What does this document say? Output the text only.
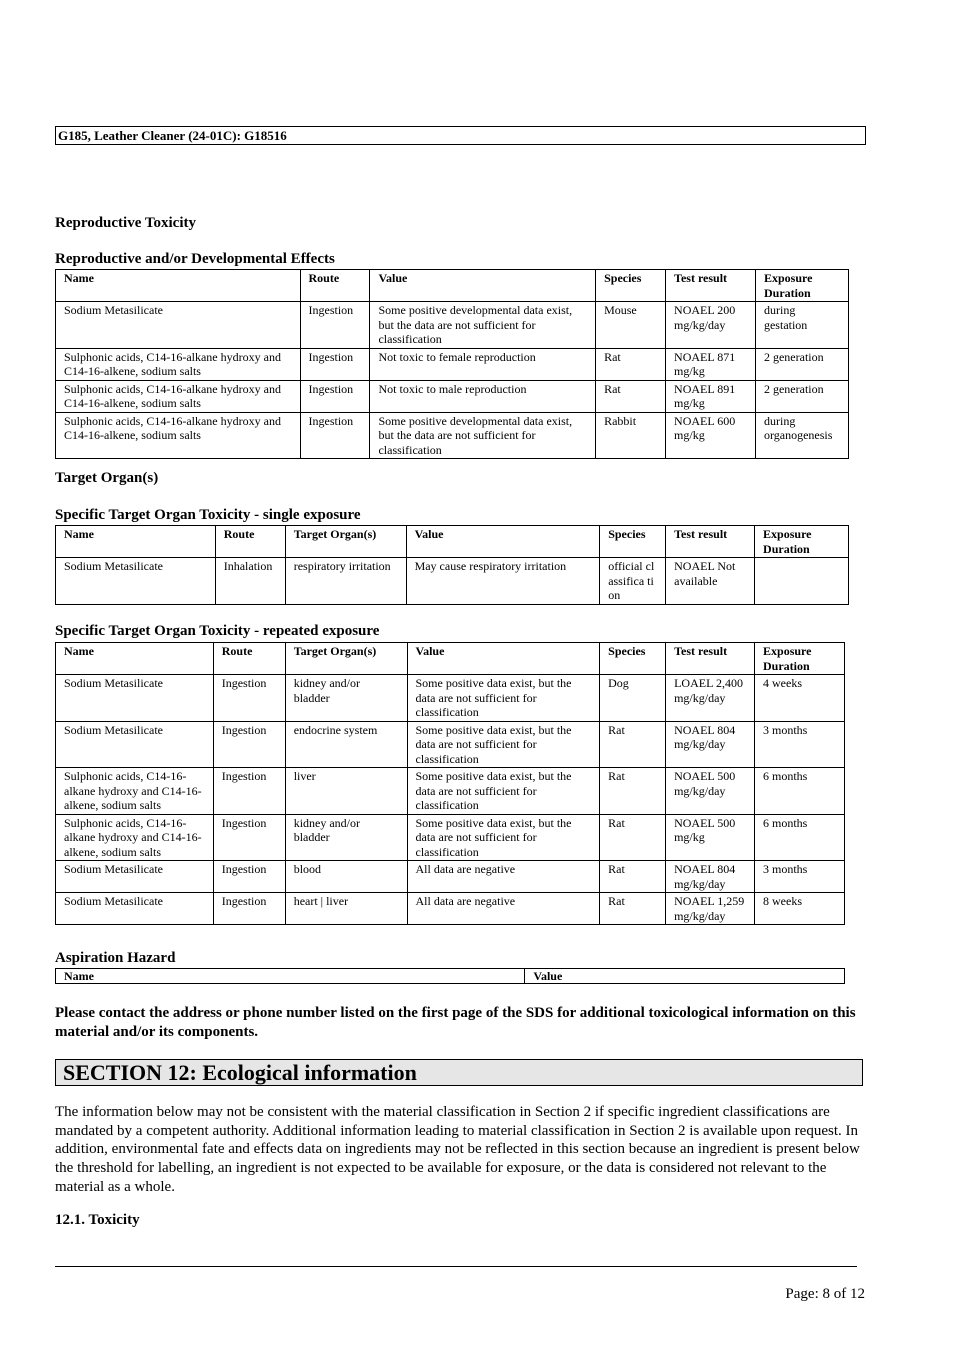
G185, Leather Cleaner (24-01C): G18516
Reproductive Toxicity
Reproductive and/or Developmental Effects
Name	Route	Value	Species	Test result	Exposure Duration
Sodium Metasilicate	Ingestion	Some positive developmental data exist, but the data are not sufficient for classification	Mouse	NOAEL 200 mg/kg/day	during gestation
Sulphonic acids, C14-16-alkane hydroxy and C14-16-alkene, sodium salts	Ingestion	Not toxic to female reproduction	Rat	NOAEL 871 mg/kg	2 generation
Sulphonic acids, C14-16-alkane hydroxy and C14-16-alkene, sodium salts	Ingestion	Not toxic to male reproduction	Rat	NOAEL 891 mg/kg	2 generation
Sulphonic acids, C14-16-alkane hydroxy and C14-16-alkene, sodium salts	Ingestion	Some positive developmental data exist, but the data are not sufficient for classification	Rabbit	NOAEL 600 mg/kg	during organogenesis
Target Organ(s)
Specific Target Organ Toxicity - single exposure
Name	Route	Target Organ(s)	Value	Species	Test result	Exposure Duration
Sodium Metasilicate	Inhalation	respiratory irritation	May cause respiratory irritation	official classifica tion	NOAEL Not available	
Specific Target Organ Toxicity - repeated exposure
Name	Route	Target Organ(s)	Value	Species	Test result	Exposure Duration
Sodium Metasilicate	Ingestion	kidney and/or bladder	Some positive data exist, but the data are not sufficient for classification	Dog	LOAEL 2,400 mg/kg/day	4 weeks
Sodium Metasilicate	Ingestion	endocrine system	Some positive data exist, but the data are not sufficient for classification	Rat	NOAEL 804 mg/kg/day	3 months
Sulphonic acids, C14-16-alkane hydroxy and C14-16-alkene, sodium salts	Ingestion	liver	Some positive data exist, but the data are not sufficient for classification	Rat	NOAEL 500 mg/kg/day	6 months
Sulphonic acids, C14-16-alkane hydroxy and C14-16-alkene, sodium salts	Ingestion	kidney and/or bladder	Some positive data exist, but the data are not sufficient for classification	Rat	NOAEL 500 mg/kg	6 months
Sodium Metasilicate	Ingestion	blood	All data are negative	Rat	NOAEL 804 mg/kg/day	3 months
Sodium Metasilicate	Ingestion	heart | liver	All data are negative	Rat	NOAEL 1,259 mg/kg/day	8 weeks
Aspiration Hazard
Name	Value
Please contact the address or phone number listed on the first page of the SDS for additional toxicological information on this material and/or its components.
SECTION 12: Ecological information
The information below may not be consistent with the material classification in Section 2 if specific ingredient classifications are mandated by a competent authority. Additional information leading to material classification in Section 2 is available upon request. In addition, environmental fate and effects data on ingredients may not be reflected in this section because an ingredient is present below the threshold for labelling, an ingredient is not expected to be available for exposure, or the data is considered not relevant to the material as a whole.
12.1. Toxicity
Page: 8 of 12
